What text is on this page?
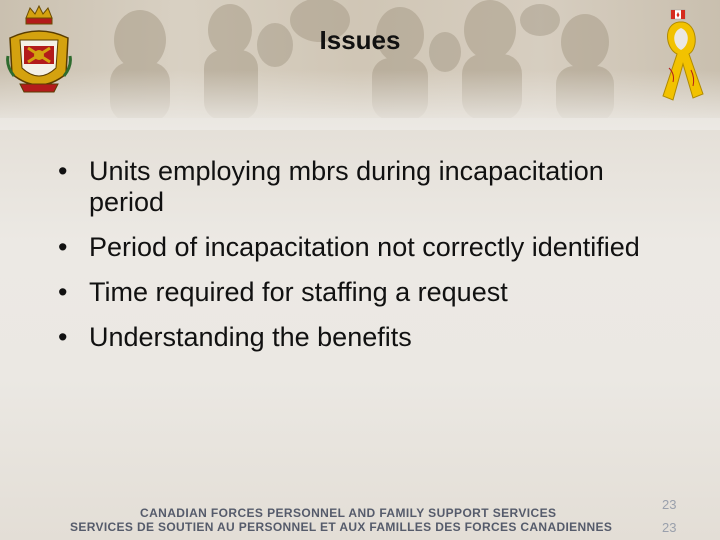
Issues
• Units employing mbrs during incapacitation period
• Period of incapacitation not correctly identified
• Time required for staffing a request
• Understanding the benefits
23
CANADIAN FORCES PERSONNEL AND FAMILY SUPPORT SERVICES
SERVICES DE SOUTIEN AU PERSONNEL ET AUX FAMILLES DES FORCES CANADIENNES	23
